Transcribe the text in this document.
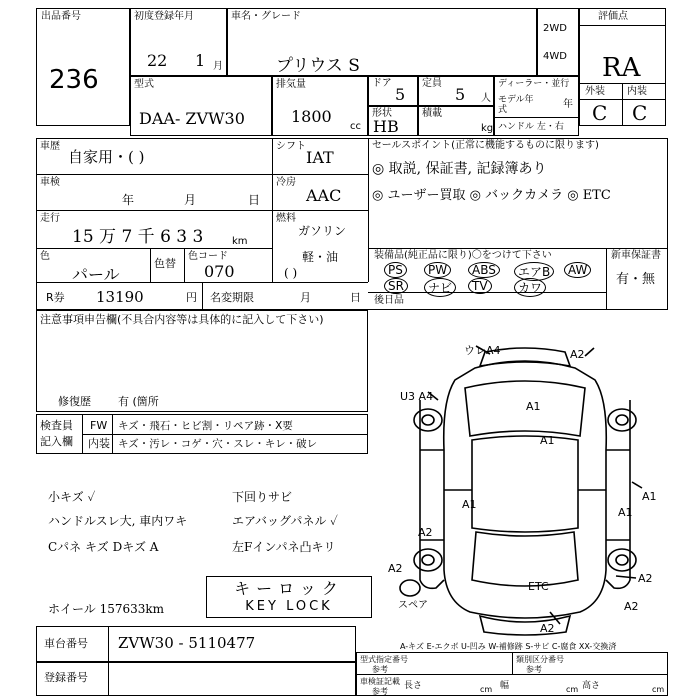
出品番号
236
初度登録年月
22 1 月
車名・グレード
プリウス S
2WD
4WD
評価点
RA
外装 内装
C C
型式
DAA- ZVW30
排気量
1800
cc
ドア
5
定員
5 人
ディーラー・並行
モデル年式	年
ハンドル 左・右
形状
HB
積載
kg
車歴
自家用・( )
シフト
IAT
セールスポイント(正常に機能するものに限ります)
◎ 取説, 保証書, 記録簿あり
◎ ユーザー買取 ◎ バックカメラ ◎ ETC
車検
年	月	日
冷房
AAC
走行
15 万 7 千 6 3 3	km
燃料
ガソリン
軽・油
( )
色
パール
色替
色コード
070
装備品(純正品に限り)〇をつけて下さい	新車保証書
有・無
PS	PW	ABS	エアB	AW
SR	ナビ	TV	カワ
後日品
R券 13190	円 名変期限	月	日
注意事項申告欄(不具合内容等は具体的に記入して下さい)
修復歴 有 (箇所
検査員
記入欄
FW キズ・飛石・ヒビ割・リペア跡・X要
内装 キズ・汚レ・コゲ・穴・スレ・キレ・破レ
小キズ ✓
ハンドルスレ大, 車内ワキ
Cパネ キズ Dキズ A
下回りサビ
エアバッグパネル ✓
左Fインパネ凸キリ
ホイール 157633km
キーロック
KEY LOCK
車台番号 ZVW30 - 5110477
登録番号
A-キズ E-エクボ U-凹み W-補修跡 S-サビ C-腐食 XX-交換済
型式指定番号
参考
類別区分番号
参考
車検証記載
参考
長さ	cm 幅	cm 高さ	cm
ウレA4	A2
U3 A4
A1
A1
A1
A1
A2
A2
A2
A2
A1
ETC
A2
スペア
